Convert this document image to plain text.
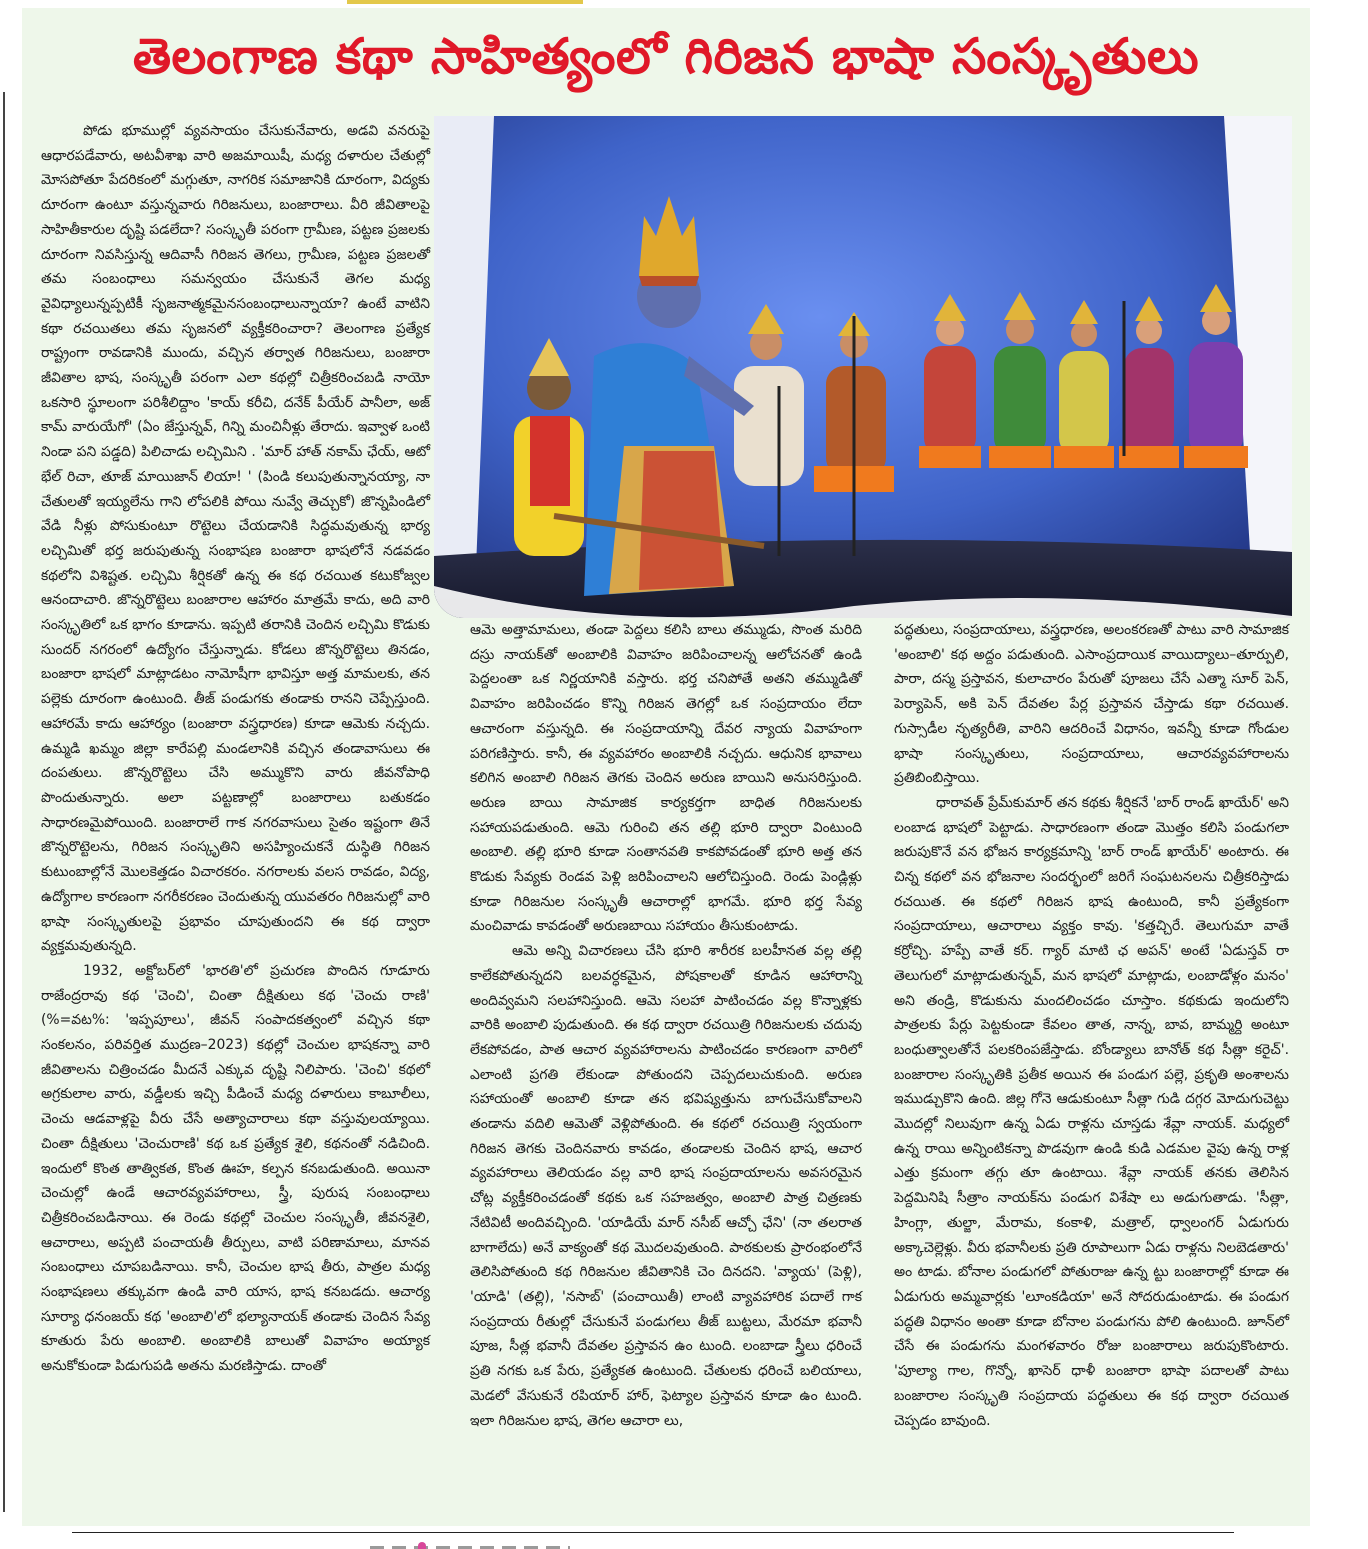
తెలంగాణ కథా సాహిత్యంలో గిరిజన భాషా సంస్కృతులు

పోడు భూముల్లో వ్యవసాయం చేసుకునేవారు, అడవి వనరుపై ఆధారపడేవారు, అటవీశాఖ వారి అజమాయిషీ, మధ్య దళారుల చేతుల్లో మోసపోతూ పేదరికంలో మగ్గుతూ, నాగరిక సమాజానికి దూరంగా, విద్యకు దూరంగా ఉంటూ వస్తున్నవారు గిరిజనులు, బంజారాలు. వీరి జీవితాలపై సాహితీకారుల దృష్టి పడలేదా? సంస్కృతీ పరంగా గ్రామీణ, పట్టణ ప్రజలకు దూరంగా నివసిస్తున్న ఆదివాసీ గిరిజన తెగలు, గ్రామీణ, పట్టణ ప్రజలతో తమ సంబంధాలు సమన్వయం చేసుకునే తెగల మధ్య వైవిధ్యాలున్నప్పటికీ సృజనాత్మకమైనసంబంధాలున్నాయా? ఉంటే వాటిని కథా రచయితలు తమ సృజనలో వ్యక్తీకరించారా? తెలంగాణ ప్రత్యేక రాష్ట్రంగా రావడానికి ముందు, వచ్చిన తర్వాత గిరిజనులు, బంజారా జీవితాల భాష, సంస్కృతీ పరంగా ఎలా కథల్లో చిత్రీకరించబడి నాయో ఒకసారి స్థూలంగా పరిశీలిద్దాం 'కాయ్ కరీచి, దనేక్ పీయేర్ పానీలా, అజ్ కామ్ వారుయేగో' (ఏం జేస్తున్నవ్, గిన్ని మంచినీళ్లు తేరాదు. ఇవ్వాళ ఒంటి నిండా పని పడ్డది) పిలిచాడు లచ్చిమిని . 'మార్ హాత్ నకామ్ ఛేయ్, ఆటో భేల్ రిచా, తూజ్ మాయిజాన్ లియా! ' (పిండి కలుపుతున్నానయ్యా, నా చేతులతో ఇయ్యలేను గాని లోపలికి పోయి నువ్వే తెచ్చుకో) జొన్నపిండిలో వేడి నీళ్లు పోసుకుంటూ రొట్టెలు చేయడానికి సిద్ధమవుతున్న భార్య లచ్చిమితో భర్త జరుపుతున్న సంభాషణ బంజారా భాషలోనే నడవడం కథలోని విశిష్టత. లచ్చిమి శీర్షికతో ఉన్న ఈ కథ రచయిత కటుకోజ్వల ఆనందాచారి. జొన్నరొట్టెలు బంజారాల ఆహారం మాత్రమే కాదు, అది వారి సంస్కృతిలో ఒక భాగం కూడాను. ఇప్పటి తరానికి చెందిన లచ్చిమి కొడుకు సుందర్ నగరంలో ఉద్యోగం చేస్తున్నాడు. కోడలు జొన్నరొట్టెలు తినడం, బంజారా భాషలో మాట్లాడటం నామోషీగా భావిస్తూ అత్త మామలకు, తన పల్లెకు దూరంగా ఉంటుంది. తీజ్ పండుగకు తండాకు రానని చెప్పేస్తుంది. ఆహారమే కాదు ఆహార్యం (బంజారా వస్త్రధారణ) కూడా ఆమెకు నచ్చదు. ఉమ్మడి ఖమ్మం జిల్లా కారేపల్లి మండలానికి వచ్చిన తండావాసులు ఈ దంపతులు. జొన్నరొట్టెలు చేసి అమ్ముకొని వారు జీవనోపాధి పొందుతున్నారు. అలా పట్టణాల్లో బంజారాలు బతుకడం సాధారణమైపోయింది. బంజారాలే గాక నగరవాసులు సైతం ఇష్టంగా తినే జొన్నరొట్టెలను, గిరిజన సంస్కృతిని అసహ్యించుకనే దుస్థితి గిరిజన కుటుంబాల్లోనే మొలకెత్తడం విచారకరం. నగరాలకు వలస రావడం, విద్య, ఉద్యోగాల కారణంగా నగరీకరణం చెందుతున్న యువతరం గిరిజనుల్లో వారి భాషా సంస్కృతులపై ప్రభావం చూపుతుందని ఈ కథ ద్వారా వ్యక్తమవుతున్నది.

1932, అక్టోబర్‌లో 'భారతి'లో ప్రచురణ పొందిన గూడూరు రాజేంద్రరావు కథ 'చెంచి', చింతా దీక్షితులు కథ 'చెంచు రాణి' (%=వట%: 'ఇప్పపూలు', జీవన్ సంపాదకత్వంలో వచ్చిన కథా సంకలనం, పరివర్తిత ముద్రణ–2023) కథల్లో చెంచుల భాషకన్నా వారి జీవితాలను చిత్రించడం మీదనే ఎక్కువ దృష్టి నిలిపారు. 'చెంచి' కథలో అగ్రకులాల వారు, వడ్డీలకు ఇచ్చి పీడించే మధ్య దళారులు కాబూలీలు, చెంచు ఆడవాళ్లపై వీరు చేసే అత్యాచారాలు కథా వస్తువులయ్యాయి. చింతా దీక్షితులు 'చెంచురాణి' కథ ఒక ప్రత్యేక శైలి, కథనంతో నడిచింది. ఇందులో కొంత తాత్వికత, కొంత ఊహ, కల్పన కనబడుతుంది. అయినా చెంచుల్లో ఉండే ఆచారవ్యవహారాలు, స్త్రీ, పురుష సంబంధాలు చిత్రీకరించబడినాయి. ఈ రెండు కథల్లో చెంచుల సంస్కృతీ, జీవనశైలి, ఆచారాలు, అప్పటి పంచాయతీ తీర్పులు, వాటి పరిణామాలు, మానవ సంబంధాలు చూపబడినాయి. కానీ, చెంచుల భాష తీరు, పాత్రల మధ్య సంభాషణలు తక్కువగా ఉండి వారి యాస, భాష కనబడదు. ఆచార్య సూర్యా ధనంజయ్ కథ 'అంబాలి'లో భల్యానాయక్ తండాకు చెందిన సేవ్య కూతురు పేరు అంబాలి. అంబాలికి బాలుతో వివాహం అయ్యాక అనుకోకుండా పిడుగుపడి అతను మరణిస్తాడు. దాంతో

ఆమె అత్తామామలు, తండా పెద్దలు కలిసి బాలు తమ్ముడు, సొంత మరిది దస్రు నాయక్‌తో అంబాలికి వివాహం జరిపించాలన్న ఆలోచనతో ఉండి పెద్దలంతా ఒక నిర్ణయానికి వస్తారు. భర్త చనిపోతే అతని తమ్ముడితో వివాహం జరిపించడం కొన్ని గిరిజన తెగల్లో ఒక సంప్రదాయం లేదా ఆచారంగా వస్తున్నది. ఈ సంప్రదాయాన్ని దేవర న్యాయ వివాహంగా పరిగణిస్తారు. కానీ, ఈ వ్యవహారం అంబాలికి నచ్చదు. ఆధునిక భావాలు కలిగిన అంబాలి గిరిజన తెగకు చెందిన అరుణ బాయిని అనుసరిస్తుంది. అరుణ బాయి సామాజిక కార్యకర్తగా బాధిత గిరిజనులకు సహాయపడుతుంది. ఆమె గురించి తన తల్లి భూరి ద్వారా వింటుంది అంబాలి. తల్లి భూరి కూడా సంతానవతి కాకపోవడంతో భూరి అత్త తన కొడుకు సేవ్యకు రెండవ పెళ్లి జరిపించాలని ఆలోచిస్తుంది. రెండు పెండ్లిళ్లు కూడా గిరిజనుల సంస్కృతీ ఆచారాల్లో భాగమే. భూరి భర్త సేవ్య మంచివాడు కావడంతో అరుణబాయి సహాయం తీసుకుంటాడు.

ఆమె అన్ని విచారణలు చేసి భూరి శారీరక బలహీనత వల్ల తల్లి కాలేకపోతున్నదని బలవర్ధకమైన, పోషకాలతో కూడిన ఆహారాన్ని అందివ్వమని సలహానిస్తుంది. ఆమె సలహా పాటించడం వల్ల కొన్నాళ్లకు వారికి అంబాలి పుడుతుంది. ఈ కథ ద్వారా రచయిత్రి గిరిజనులకు చదువు లేకపోవడం, పాత ఆచార వ్యవహారాలను పాటించడం కారణంగా వారిలో ఎలాంటి ప్రగతి లేకుండా పోతుందని చెప్పదలుచుకుంది. అరుణ సహాయంతో అంబాలి కూడా తన భవిష్యత్తును బాగుచేసుకోవాలని తండాను వదిలి ఆమెతో వెళ్లిపోతుంది. ఈ కథలో రచయిత్రి స్వయంగా గిరిజన తెగకు చెందినవారు కావడం, తండాలకు చెందిన భాష, ఆచార వ్యవహారాలు తెలియడం వల్ల వారి భాష సంప్రదాయాలను అవసరమైన చోట్ల వ్యక్తీకరించడంతో కథకు ఒక సహజత్వం, అంబాలి పాత్ర చిత్రణకు నేటివిటీ అందివచ్చింది. 'యాడియే మార్ నసీబ్ ఆచ్చో ఛేని' (నా తలరాత బాగాలేదు) అనే వాక్యంతో కథ మొదలవుతుంది. పాఠకులకు ప్రారంభంలోనే తెలిసిపోతుంది కథ గిరిజనుల జీవితానికి చెం దినదని. 'వ్యాయ' (పెళ్లి), 'యాడి' (తల్లి), 'నసాబ్' (పంచాయితీ) లాంటి వ్యావహారిక పదాలే గాక సంప్రదాయ రీతుల్లో చేసుకునే పండుగలు తీజ్ బుట్టలు, మేరమా భవానీ పూజ, సీత్ల భవానీ దేవతల ప్రస్తావన ఉం టుంది. లంబాడా స్త్రీలు ధరించే ప్రతి నగకు ఒక పేరు, ప్రత్యేకత ఉంటుంది. చేతులకు ధరించే బలియాలు, మెడలో వేసుకునే రపియార్ హార్, ఫెట్యాల ప్రస్తావన కూడా ఉం టుంది. ఇలా గిరిజనుల భాష, తెగల ఆచారా లు,

పద్ధతులు, సంప్రదాయాలు, వస్త్రధారణ, అలంకరణతో పాటు వారి సామాజిక 'అంబాలి' కథ అద్దం పడుతుంది. ఎసాంప్రదాయిక వాయిద్యాలు–తూర్పులి, పారా, దస్మ ప్రస్తావన, కులాచారం పేరుతో పూజలు చేసే ఎత్మా సూర్ పెన్, పెర్యాపెన్, అకి పెన్ దేవతల పేర్ల ప్రస్తావన చేస్తాడు కథా రచయిత. గుస్సాడీల నృత్యరీతి, వారిని ఆదరించే విధానం, ఇవన్నీ కూడా గోండుల భాషా సంస్కృతులు, సంప్రదాయాలు, ఆచారవ్యవహారాలను ప్రతిబింబిస్తాయి.

ధారావత్ ప్రేమ్‌కుమార్ తన కథకు శీర్షికనే 'బార్ రాండ్ ఖాయేర్' అని లంబాడ భాషలో పెట్టాడు. సాధారణంగా తండా మొత్తం కలిసి పండుగలా జరుపుకొనే వన భోజన కార్యక్రమాన్ని 'బార్ రాండ్ ఖాయేర్' అంటారు. ఈ చిన్న కథలో వన భోజనాల సందర్భంలో జరిగే సంఘటనలను చిత్రీకరిస్తాడు రచయిత. ఈ కథలో గిరిజన భాష ఉంటుంది, కానీ ప్రత్యేకంగా సంప్రదాయాలు, ఆచారాలు వ్యక్తం కావు. 'కత్తచ్చిరే. తెలుగుమా వాతే కర్రోచ్చి. హప్పే వాతే కర్. గ్యార్ మాటి ఛ అపన్' అంటే 'ఏడుస్తవ్ రా తెలుగులో మాట్లాడుతున్నవ్, మన భాషలో మాట్లాడు, లంబాడోళ్లం మనం' అని తండ్రి, కొడుకును మందలించడం చూస్తాం. కథకుడు ఇందులోని పాత్రలకు పేర్లు పెట్టకుండా కేవలం తాత, నాన్న, బావ, బామ్మర్ది అంటూ బంధుత్వాలతోనే పలకరింపజేస్తాడు. బోండ్యాలు బానోత్ కథ సీత్లా కరైచ్'. బంజారాల సంస్కృతికి ప్రతీక అయిన ఈ పండుగ పల్లె, ప్రకృతి అంశాలను ఇముడ్చుకొని ఉంది. జిల్ల గోనె ఆడుకుంటూ సీత్లా గుడి దగ్గర మోదుగుచెట్టు మొదల్లో నిలువుగా ఉన్న ఏడు రాళ్లను చూస్తడు శేవ్లా నాయక్. మధ్యలో ఉన్న రాయి అన్నింటికన్నా పొడవుగా ఉండి కుడి ఎడమల వైపు ఉన్న రాళ్ల ఎత్తు క్రమంగా తగ్గు తూ ఉంటాయి. శేవ్లా నాయక్ తనకు తెలిసిన పెద్దమినిషి సీత్రాం నాయక్‌ను పండుగ విశేషా లు అడుగుతాడు. 'సీత్లా, హింగ్లా, తుల్జా, మేరామ, కంకాళి, మత్రాల్, ధ్వాలంగర్ ఏడుగురు అక్కాచెల్లెళ్లు. వీరు భవానీలకు ప్రతి రూపాలుగా ఏడు రాళ్లను నిలబెడతారు' అం టాడు. బోనాల పండుగలో పోతురాజు ఉన్న ట్టు బంజారాల్లో కూడా ఈ ఏడుగురు అమ్మవార్లకు 'లూంకడియా' అనే సోదరుడుంటాడు. ఈ పండుగ పద్ధతి విధానం అంతా కూడా బోనాల పండుగను పోలి ఉంటుంది. జూన్‌లో చేసే ఈ పండుగను మంగళవారం రోజు బంజారాలు జరుపుకొంటారు. 'పూల్యా గాల, గొన్నో, ఖాసెర్ ధాళీ బంజారా భాషా పదాలతో పాటు బంజారాల సంస్కృతి సంప్రదాయ పద్ధతులు ఈ కథ ద్వారా రచయిత చెప్పడం బావుంది.
